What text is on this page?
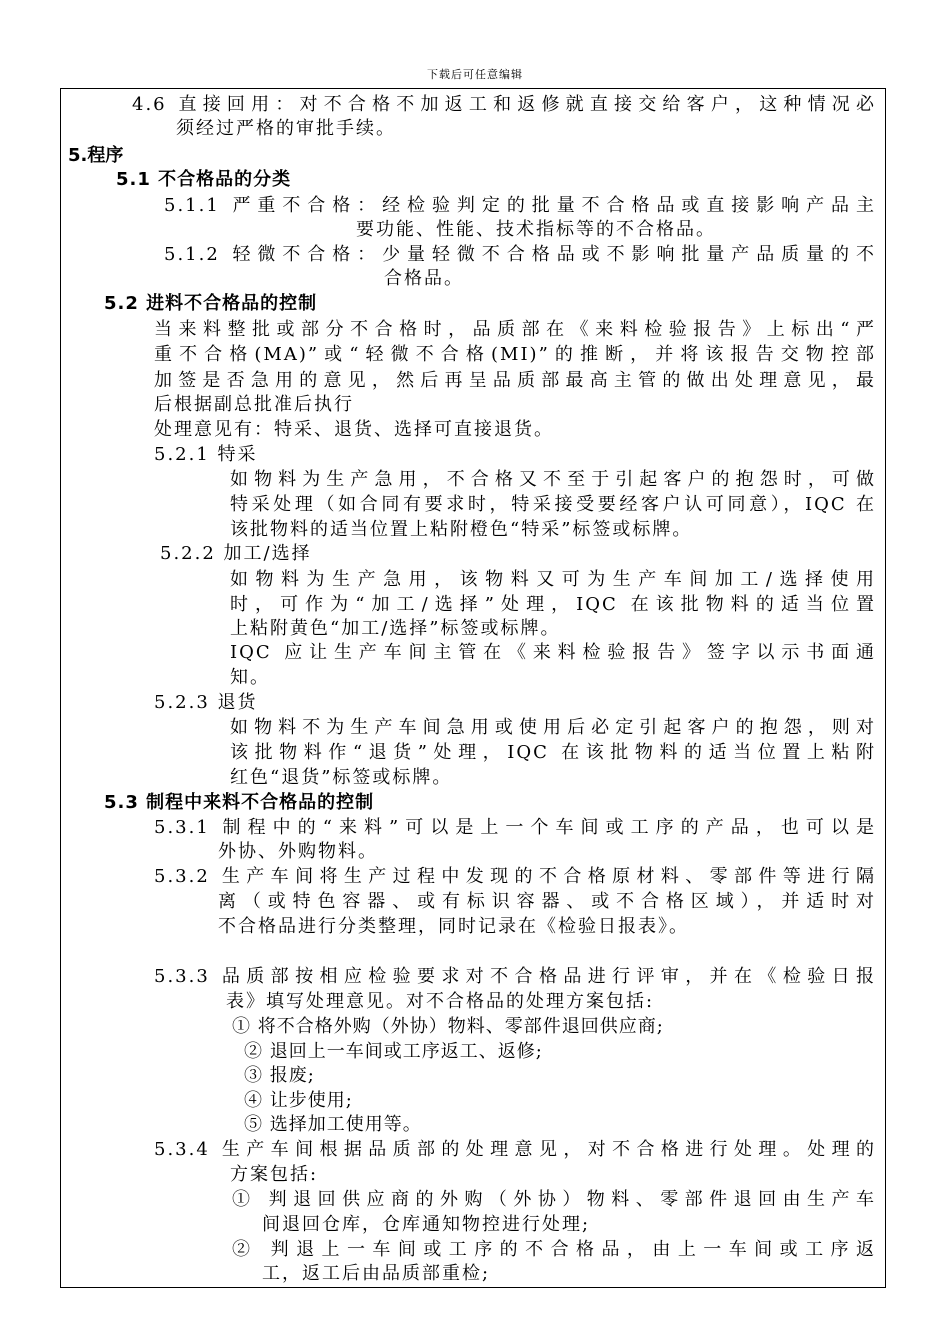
下载后可任意编辑
4.6 直接回用：对不合格不加返工和返修就直接交给客户，这种情况必
须经过严格的审批手续。
5.程序
5.1 不合格品的分类
5.1.1 严重不合格：经检验判定的批量不合格品或直接影响产品主
要功能、性能、技术指标等的不合格品。
5.1.2 轻微不合格：少量轻微不合格品或不影响批量产品质量的不
合格品。
5.2 进料不合格品的控制
当来料整批或部分不合格时，品质部在《来料检验报告》上标出“严
重不合格(MA)”或“轻微不合格(MI)”的推断，并将该报告交物控部
加签是否急用的意见，然后再呈品质部最高主管的做出处理意见，最
后根据副总批准后执行
处理意见有：特采、退货、选择可直接退货。
5.2.1 特采
如物料为生产急用，不合格又不至于引起客户的抱怨时，可做
特采处理（如合同有要求时，特采接受要经客户认可同意），IQC 在
该批物料的适当位置上粘附橙色“特采”标签或标牌。
5.2.2 加工/选择
如物料为生产急用，该物料又可为生产车间加工/选择使用
时，可作为“加工/选择”处理，IQC 在该批物料的适当位置
上粘附黄色“加工/选择”标签或标牌。
IQC 应让生产车间主管在《来料检验报告》签字以示书面通
知。
5.2.3 退货
如物料不为生产车间急用或使用后必定引起客户的抱怨，则对
该批物料作“退货”处理，IQC 在该批物料的适当位置上粘附
红色“退货”标签或标牌。
5.3 制程中来料不合格品的控制
5.3.1 制程中的“来料”可以是上一个车间或工序的产品，也可以是
外协、外购物料。
5.3.2 生产车间将生产过程中发现的不合格原材料、零部件等进行隔
离（或特色容器、或有标识容器、或不合格区域），并适时对
不合格品进行分类整理，同时记录在《检验日报表》。
5.3.3 品质部按相应检验要求对不合格品进行评审，并在《检验日报
表》填写处理意见。对不合格品的处理方案包括:
① 将不合格外购（外协）物料、零部件退回供应商;
② 退回上一车间或工序返工、返修;
③ 报废;
④ 让步使用;
⑤ 选择加工使用等。
5.3.4 生产车间根据品质部的处理意见，对不合格进行处理。处理的
方案包括:
① 判退回供应商的外购（外协）物料、零部件退回由生产车
间退回仓库，仓库通知物控进行处理;
② 判退上一车间或工序的不合格品，由上一车间或工序返
工，返工后由品质部重检;
